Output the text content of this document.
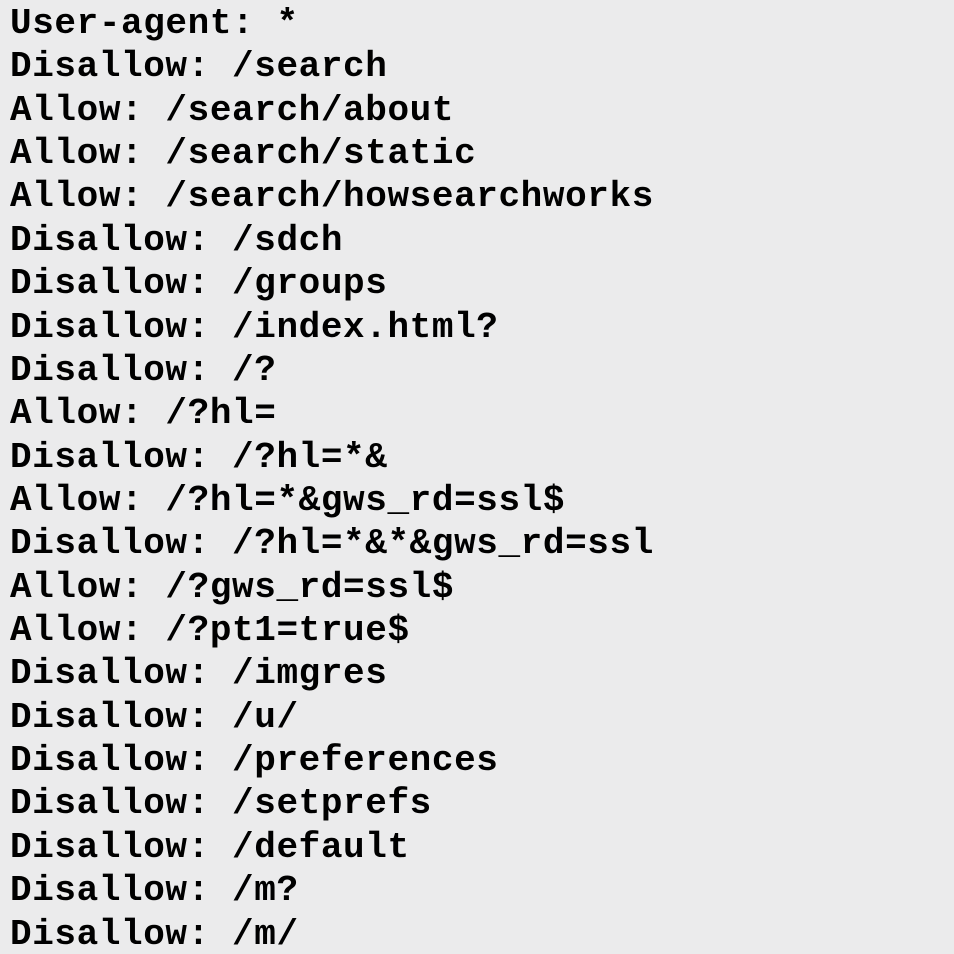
User-agent: *
Disallow: /search
Allow: /search/about
Allow: /search/static
Allow: /search/howsearchworks
Disallow: /sdch
Disallow: /groups
Disallow: /index.html?
Disallow: /?
Allow: /?hl=
Disallow: /?hl=*&
Allow: /?hl=*&gws_rd=ssl$
Disallow: /?hl=*&*&gws_rd=ssl
Allow: /?gws_rd=ssl$
Allow: /?pt1=true$
Disallow: /imgres
Disallow: /u/
Disallow: /preferences
Disallow: /setprefs
Disallow: /default
Disallow: /m?
Disallow: /m/
